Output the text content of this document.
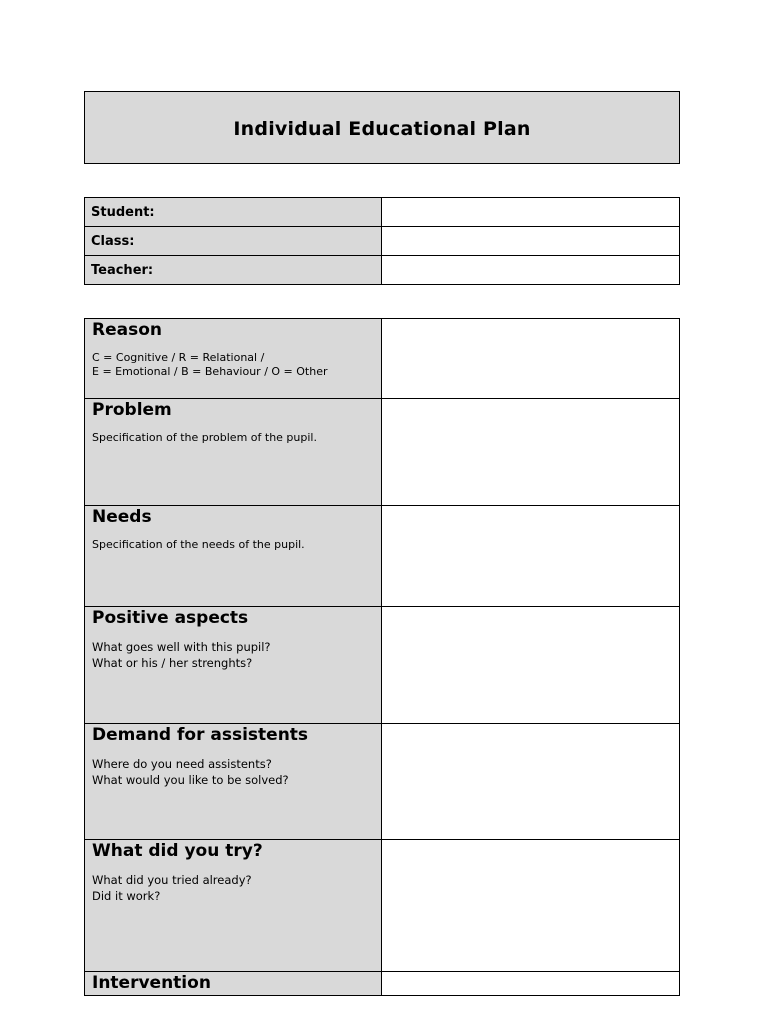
Individual Educational Plan
Student:	
Class:	
Teacher:	
Reason
C = Cognitive / R = Relational /
E = Emotional / B = Behaviour / O = Other	

Problem
Specification of the problem of the pupil.	

Needs
Specification of the needs of the pupil.	

Positive aspects
What goes well with this pupil?
What or his / her strenghts?	

Demand for assistents
Where do you need assistents?
What would you like to be solved?	

What did you try?
What did you tried already?
Did it work?	

Intervention	
